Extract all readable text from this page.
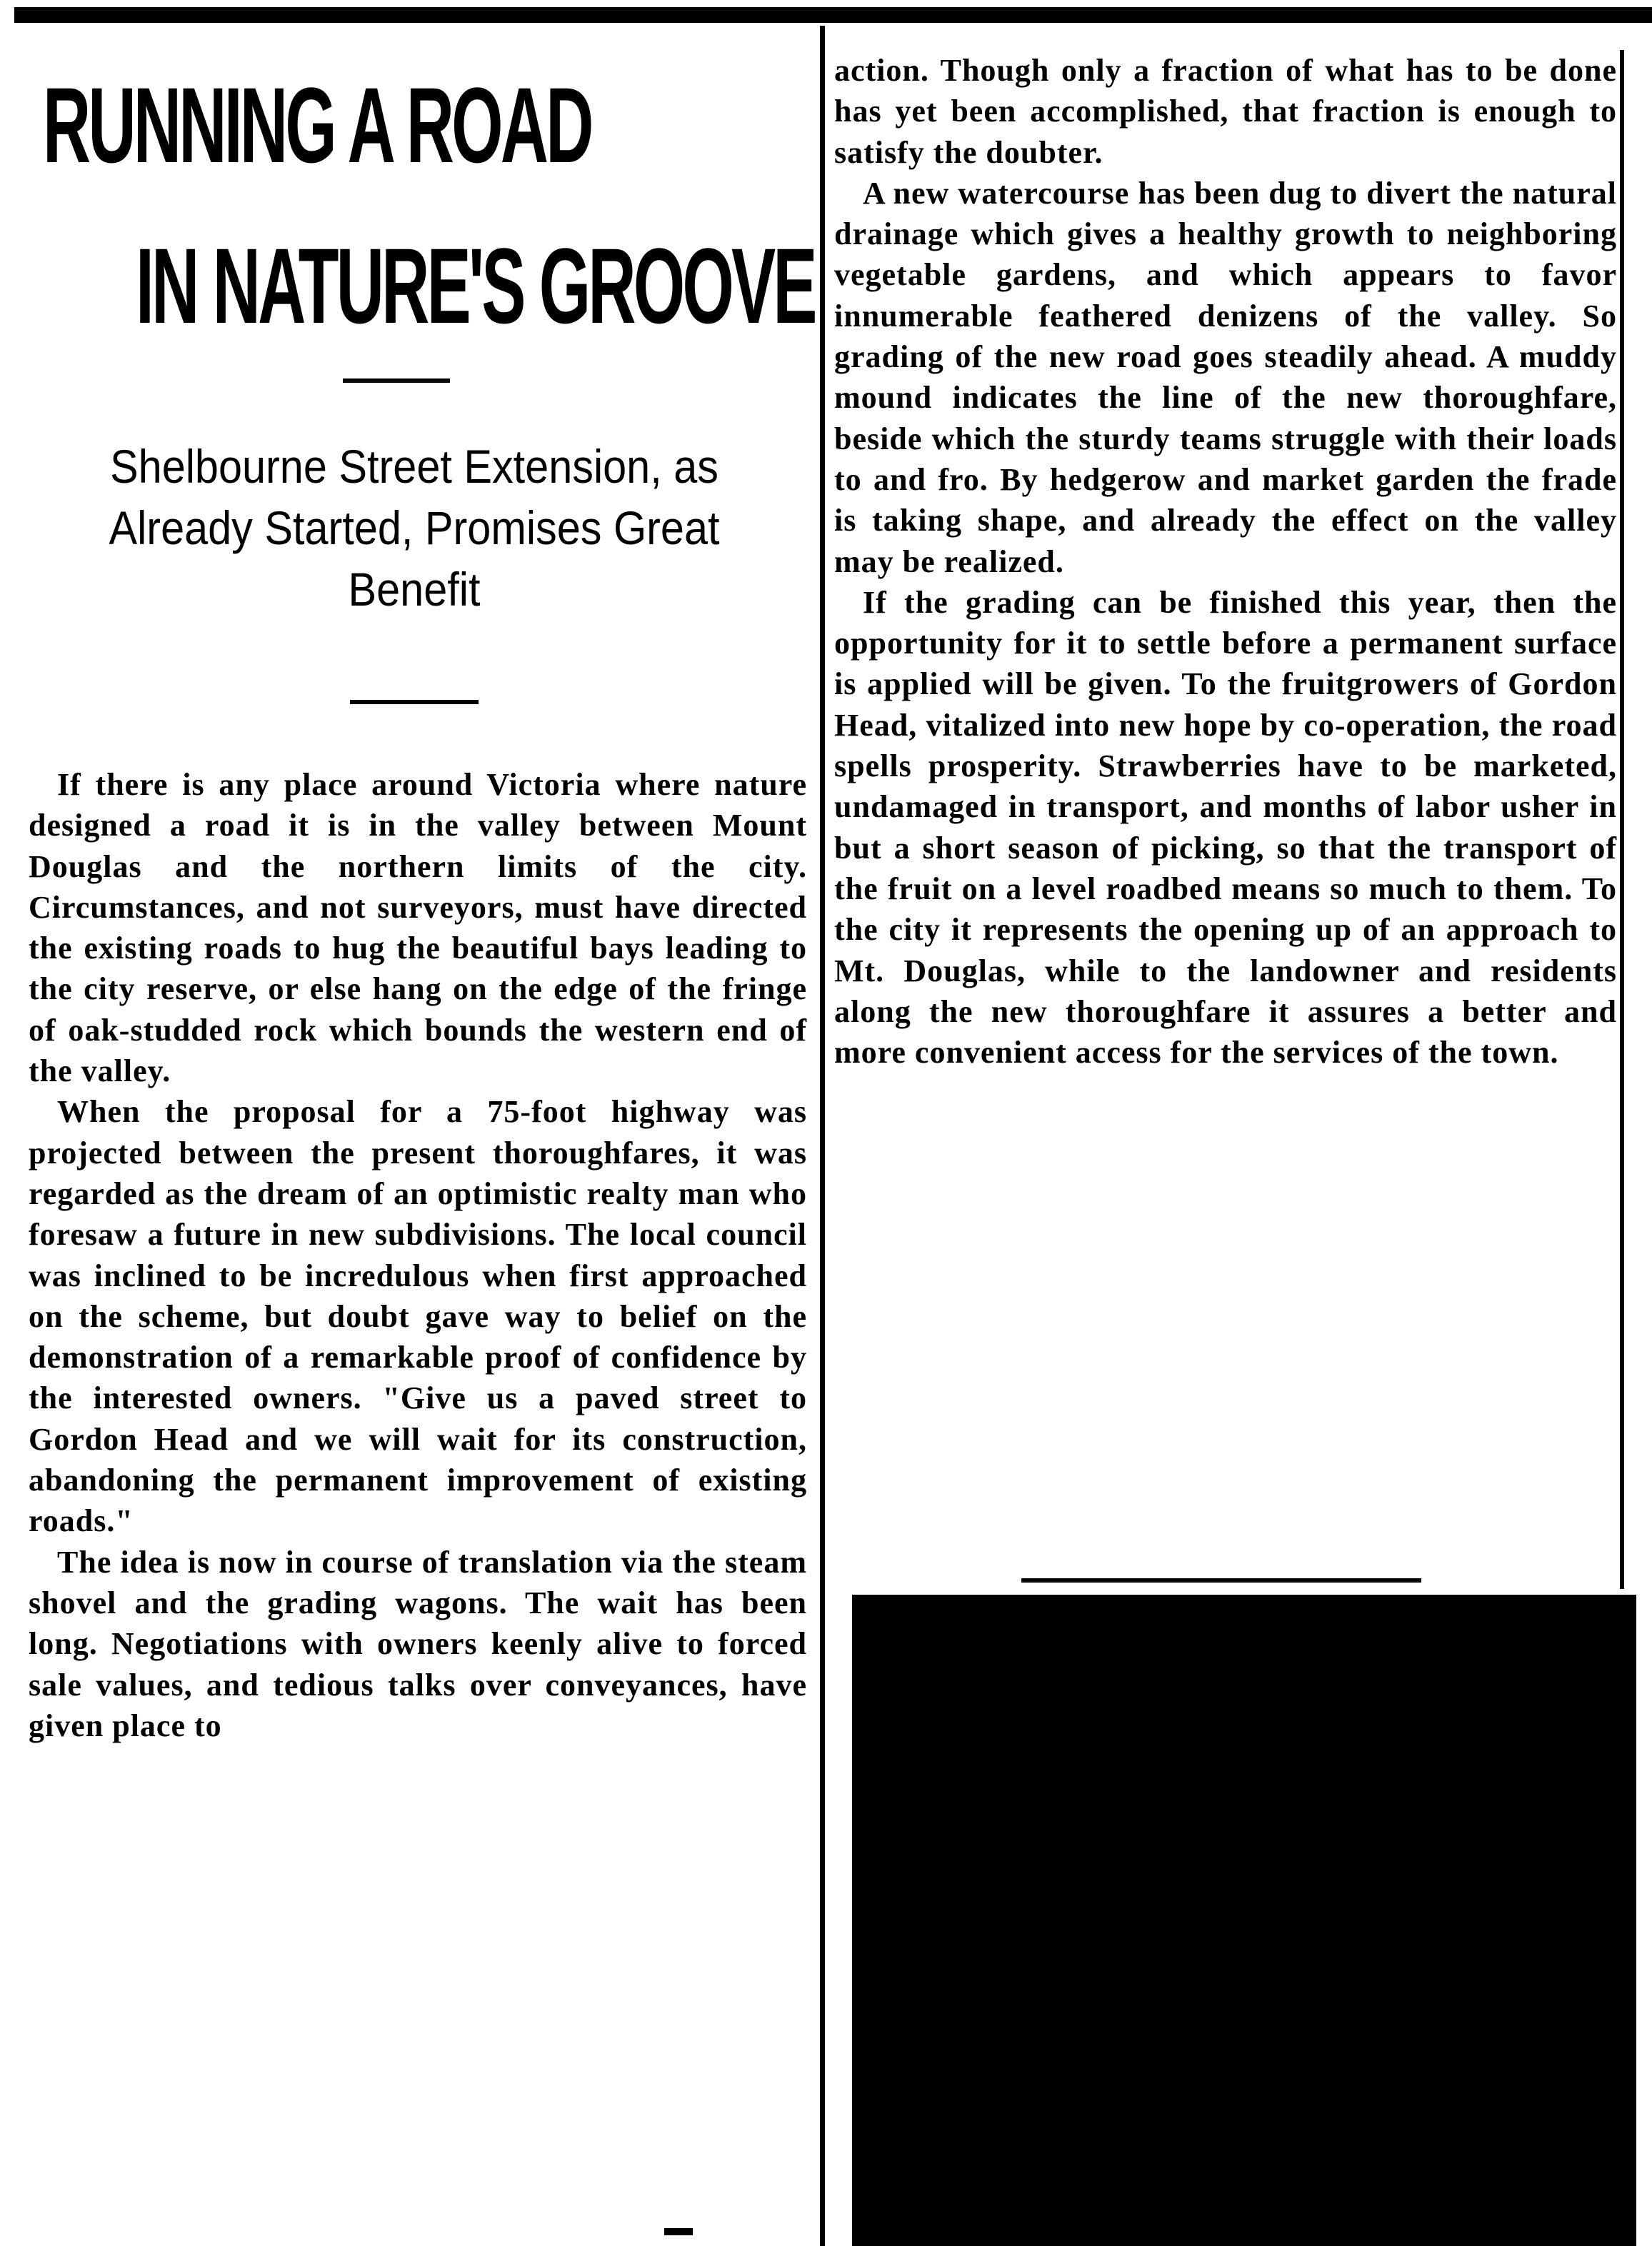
RUNNING A ROAD
IN NATURE'S GROOVE
Shelbourne Street Extension, as Already Started, Promises Great Benefit

If there is any place around Victoria where nature designed a road it is in the valley between Mount Douglas and the northern limits of the city. Circumstances, and not surveyors, must have directed the existing roads to hug the beautiful bays leading to the city reserve, or else hang on the edge of the fringe of oak-studded rock which bounds the western end of the valley.

When the proposal for a 75-foot highway was projected between the present thoroughfares, it was regarded as the dream of an optimistic realty man who foresaw a future in new subdivisions. The local council was inclined to be incredulous when first approached on the scheme, but doubt gave way to belief on the demonstration of a remarkable proof of confidence by the interested owners. "Give us a paved street to Gordon Head and we will wait for its construction, abandoning the permanent improvement of existing roads."

The idea is now in course of translation via the steam shovel and the grading wagons. The wait has been long. Negotiations with owners keenly alive to forced sale values, and tedious talks over conveyances, have given place to

action. Though only a fraction of what has to be done has yet been accomplished, that fraction is enough to satisfy the doubter.

A new watercourse has been dug to divert the natural drainage which gives a healthy growth to neighboring vegetable gardens, and which appears to favor innumerable feathered denizens of the valley. So grading of the new road goes steadily ahead. A muddy mound indicates the line of the new thoroughfare, beside which the sturdy teams struggle with their loads to and fro. By hedgerow and market garden the frade is taking shape, and already the effect on the valley may be realized.

If the grading can be finished this year, then the opportunity for it to settle before a permanent surface is applied will be given. To the fruitgrowers of Gordon Head, vitalized into new hope by co-operation, the road spells prosperity. Strawberries have to be marketed, undamaged in transport, and months of labor usher in but a short season of picking, so that the transport of the fruit on a level roadbed means so much to them. To the city it represents the opening up of an approach to Mt. Douglas, while to the landowner and residents along the new thoroughfare it assures a better and more convenient access for the services of the town.
